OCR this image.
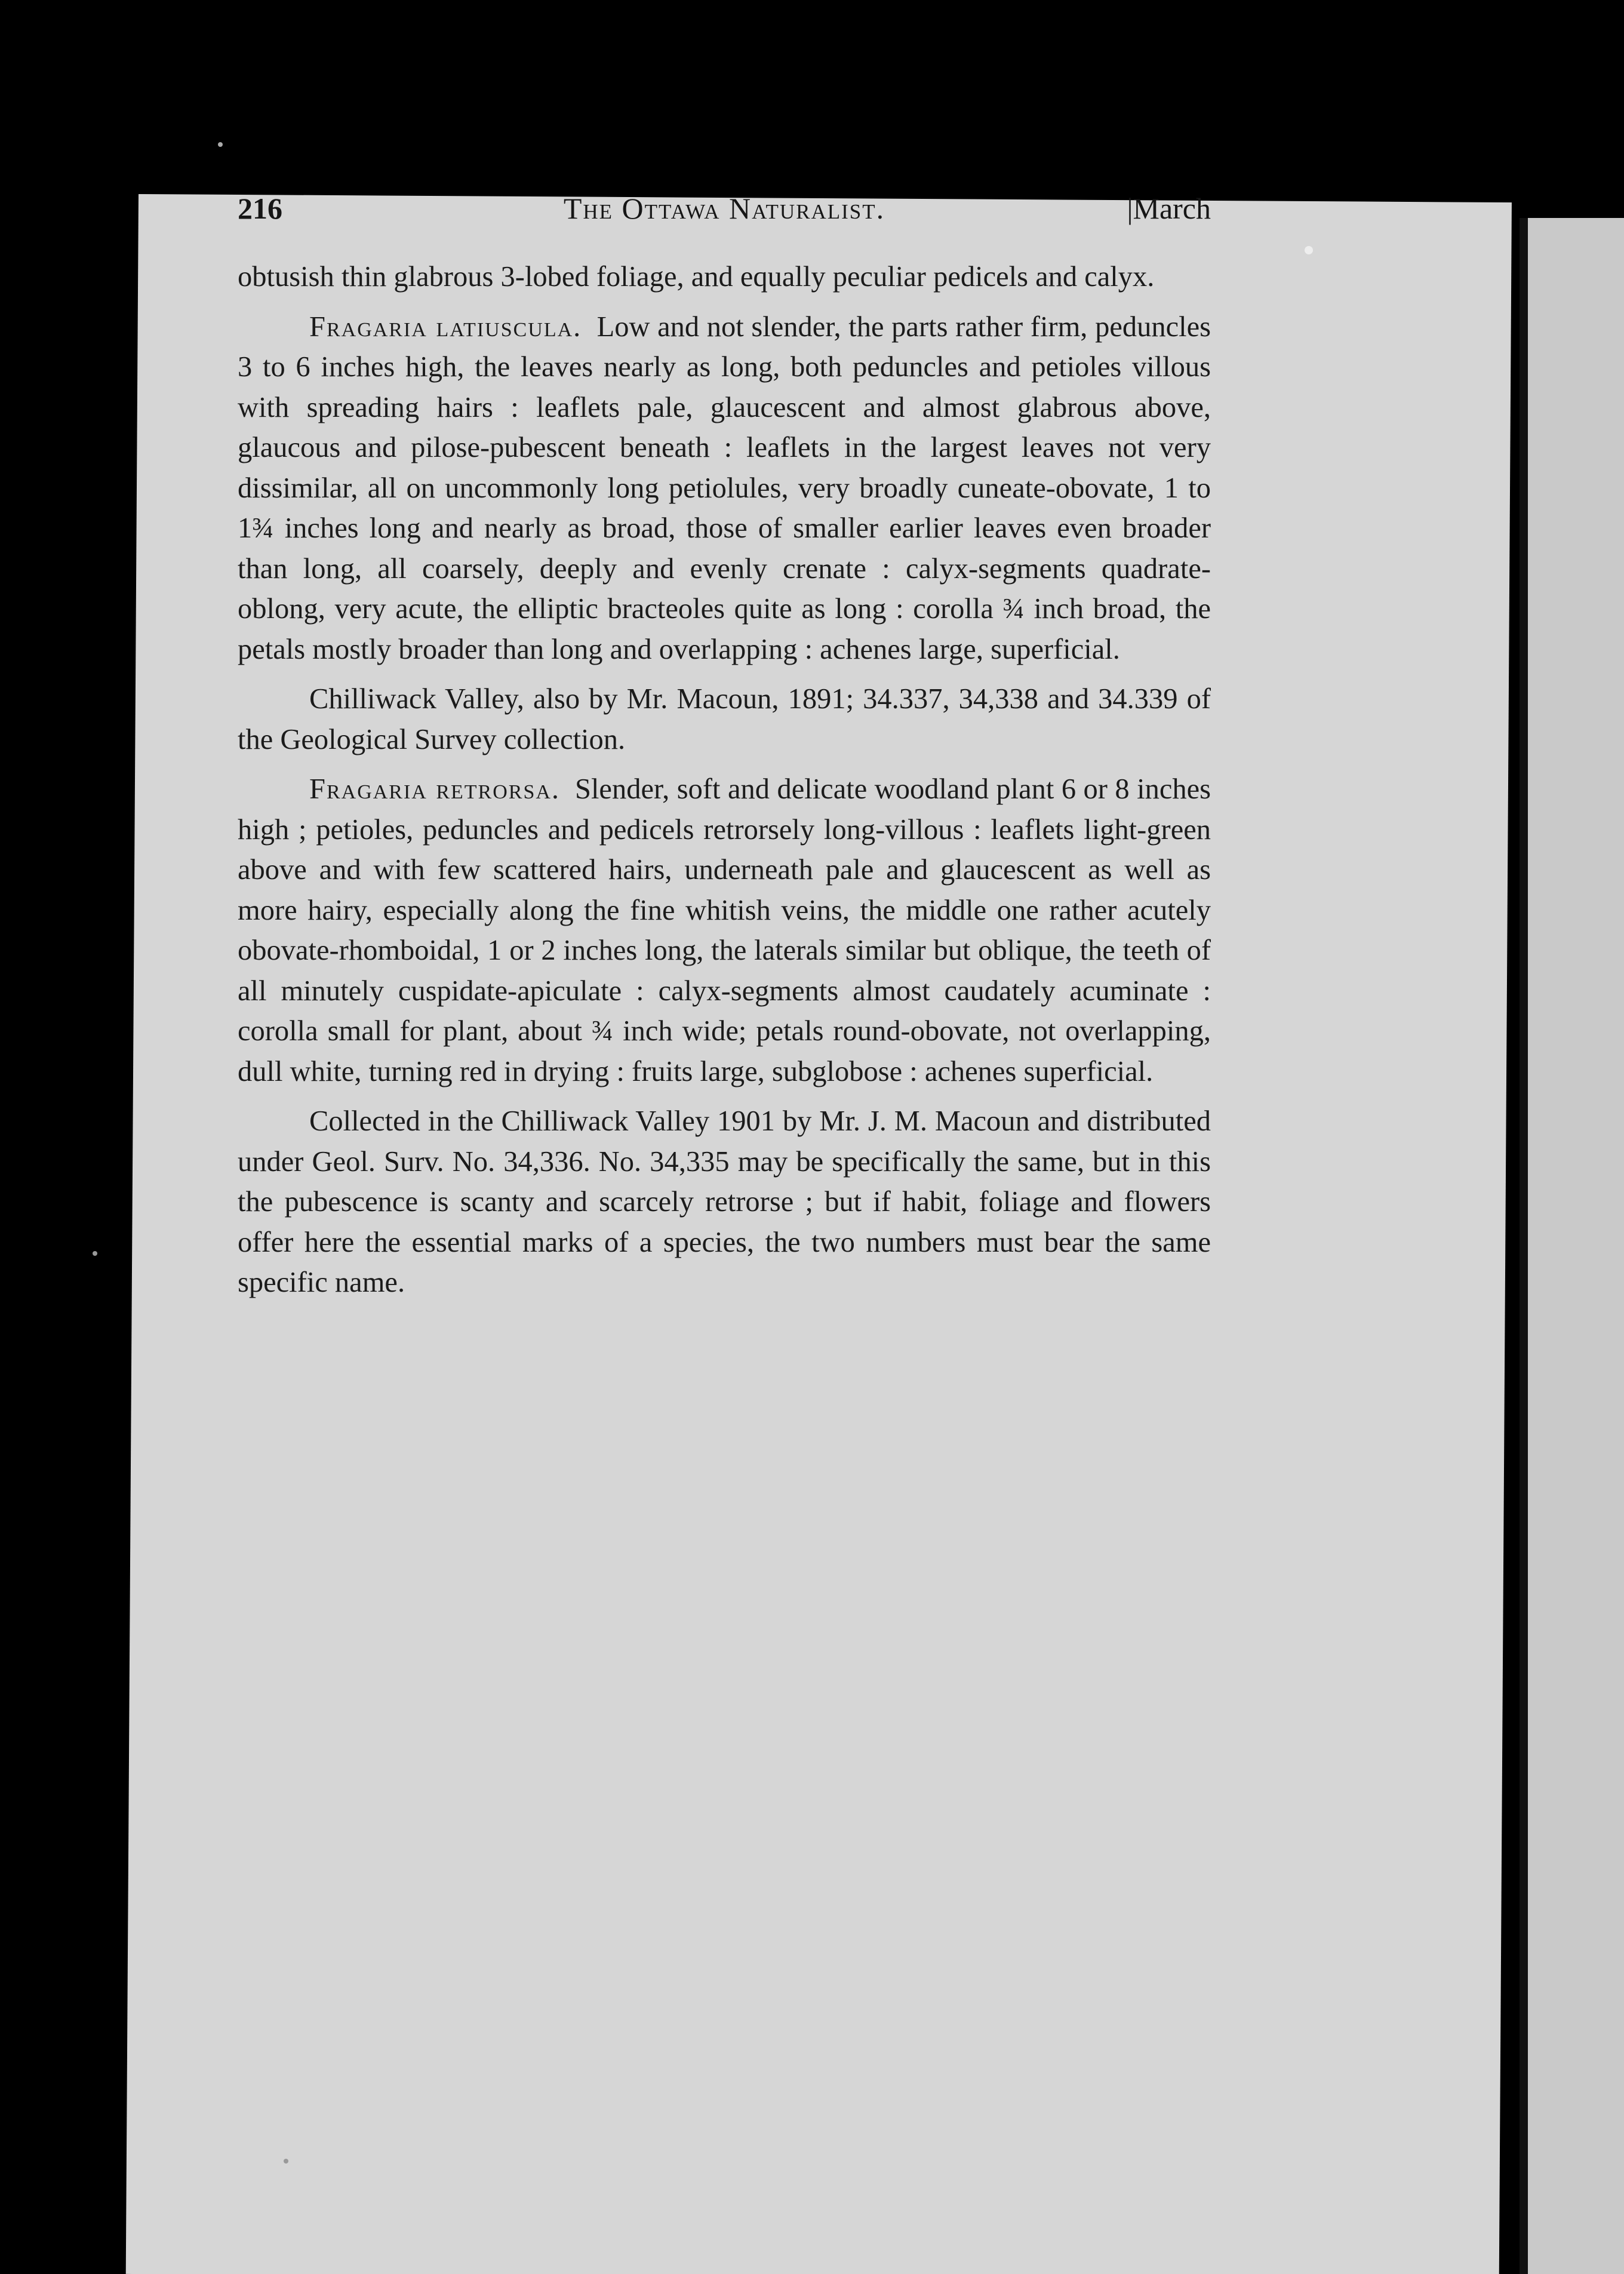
216	The Ottawa Naturalist.	|March

obtusish thin glabrous 3-lobed foliage, and equally peculiar pedicels and calyx.

Fragaria latiuscula. Low and not slender, the parts rather firm, peduncles 3 to 6 inches high, the leaves nearly as long, both peduncles and petioles villous with spreading hairs : leaflets pale, glaucescent and almost glabrous above, glaucous and pilose-pubescent beneath : leaflets in the largest leaves not very dissimilar, all on uncommonly long petiolules, very broadly cuneate-obovate, 1 to 1¾ inches long and nearly as broad, those of smaller earlier leaves even broader than long, all coarsely, deeply and evenly crenate : calyx-segments quadrate-oblong, very acute, the elliptic bracteoles quite as long : corolla ¾ inch broad, the petals mostly broader than long and overlapping : achenes large, superficial.

Chilliwack Valley, also by Mr. Macoun, 1891; 34.337, 34,338 and 34.339 of the Geological Survey collection.

Fragaria retrorsa. Slender, soft and delicate woodland plant 6 or 8 inches high ; petioles, peduncles and pedicels retrorsely long-villous : leaflets light-green above and with few scattered hairs, underneath pale and glaucescent as well as more hairy, especially along the fine whitish veins, the middle one rather acutely obovate-rhomboidal, 1 or 2 inches long, the laterals similar but oblique, the teeth of all minutely cuspidate-apiculate : calyx-segments almost caudately acuminate : corolla small for plant, about ¾ inch wide; petals round-obovate, not overlapping, dull white, turning red in drying : fruits large, subglobose : achenes superficial.

Collected in the Chilliwack Valley 1901 by Mr. J. M. Macoun and distributed under Geol. Surv. No. 34,336. No. 34,335 may be specifically the same, but in this the pubescence is scanty and scarcely retrorse ; but if habit, foliage and flowers offer here the essential marks of a species, the two numbers must bear the same specific name.
